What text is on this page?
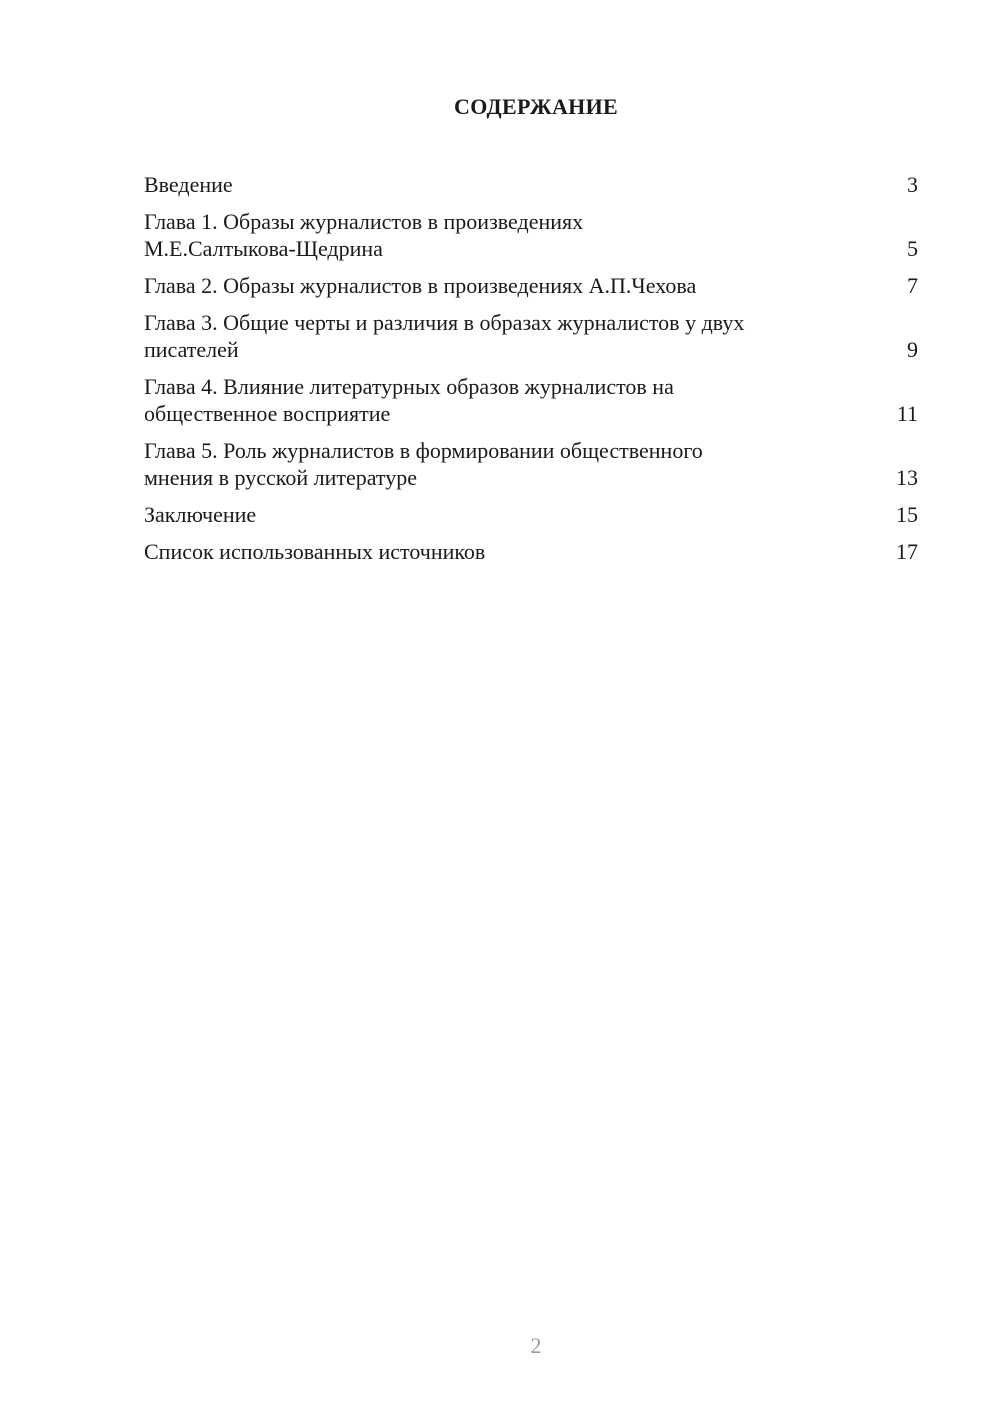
СОДЕРЖАНИЕ
Введение	3
Глава 1. Образы журналистов в произведениях
М.Е.Салтыкова-Щедрина	5
Глава 2. Образы журналистов в произведениях А.П.Чехова	7
Глава 3. Общие черты и различия в образах журналистов у двух
писателей	9
Глава 4. Влияние литературных образов журналистов на
общественное восприятие	11
Глава 5. Роль журналистов в формировании общественного
мнения в русской литературе	13
Заключение	15
Список использованных источников	17
2
